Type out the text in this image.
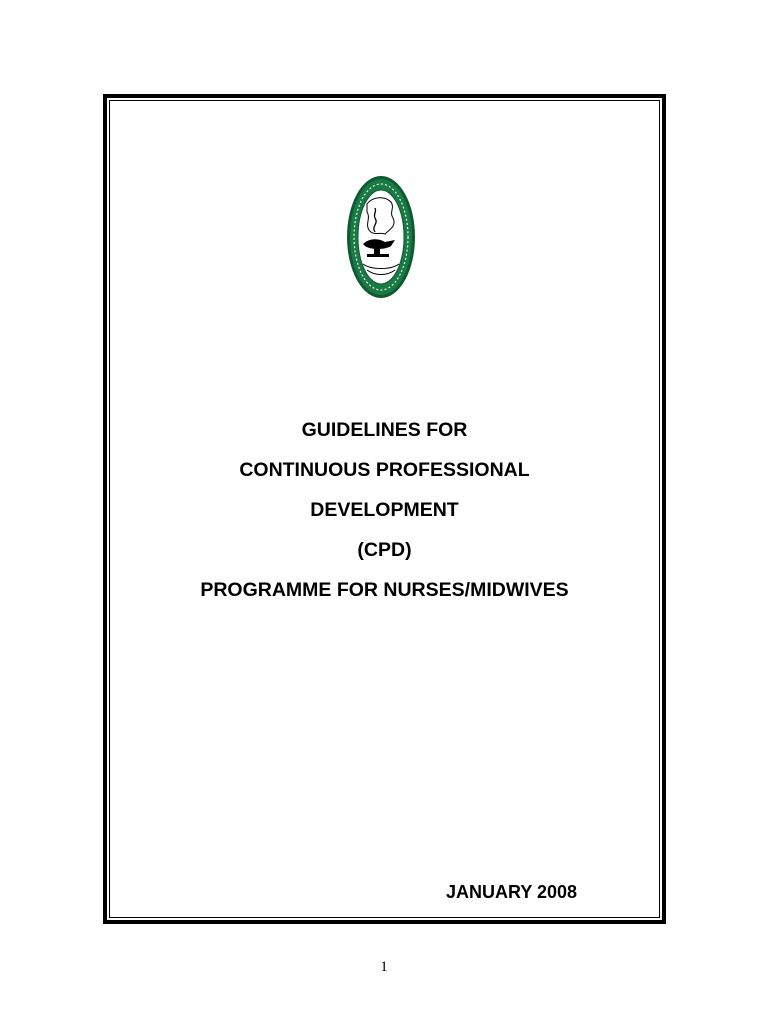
GUIDELINES FOR
CONTINUOUS PROFESSIONAL
DEVELOPMENT
(CPD)
PROGRAMME FOR NURSES/MIDWIVES
JANUARY 2008
1
